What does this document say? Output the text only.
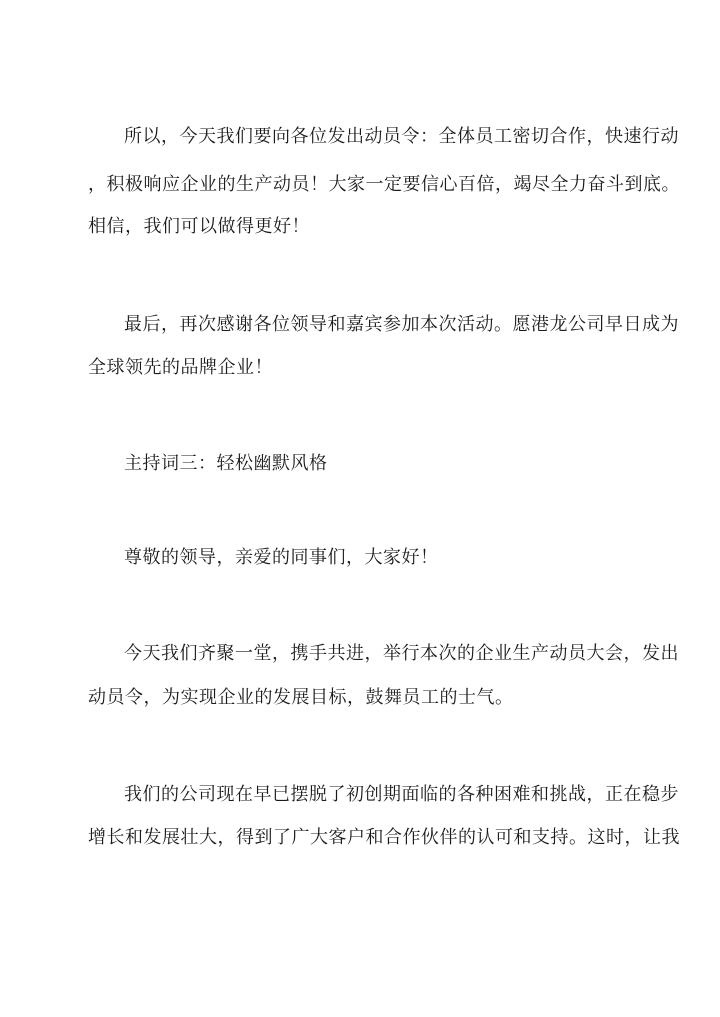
所以，今天我们要向各位发出动员令：全体员工密切合作，快速行动
，积极响应企业的生产动员！大家一定要信心百倍，竭尽全力奋斗到底。
相信，我们可以做得更好！
最后，再次感谢各位领导和嘉宾参加本次活动。愿港龙公司早日成为
全球领先的品牌企业！
主持词三：轻松幽默风格
尊敬的领导，亲爱的同事们，大家好！
今天我们齐聚一堂，携手共进，举行本次的企业生产动员大会，发出
动员令，为实现企业的发展目标，鼓舞员工的士气。
我们的公司现在早已摆脱了初创期面临的各种困难和挑战，正在稳步
增长和发展壮大，得到了广大客户和合作伙伴的认可和支持。这时，让我
